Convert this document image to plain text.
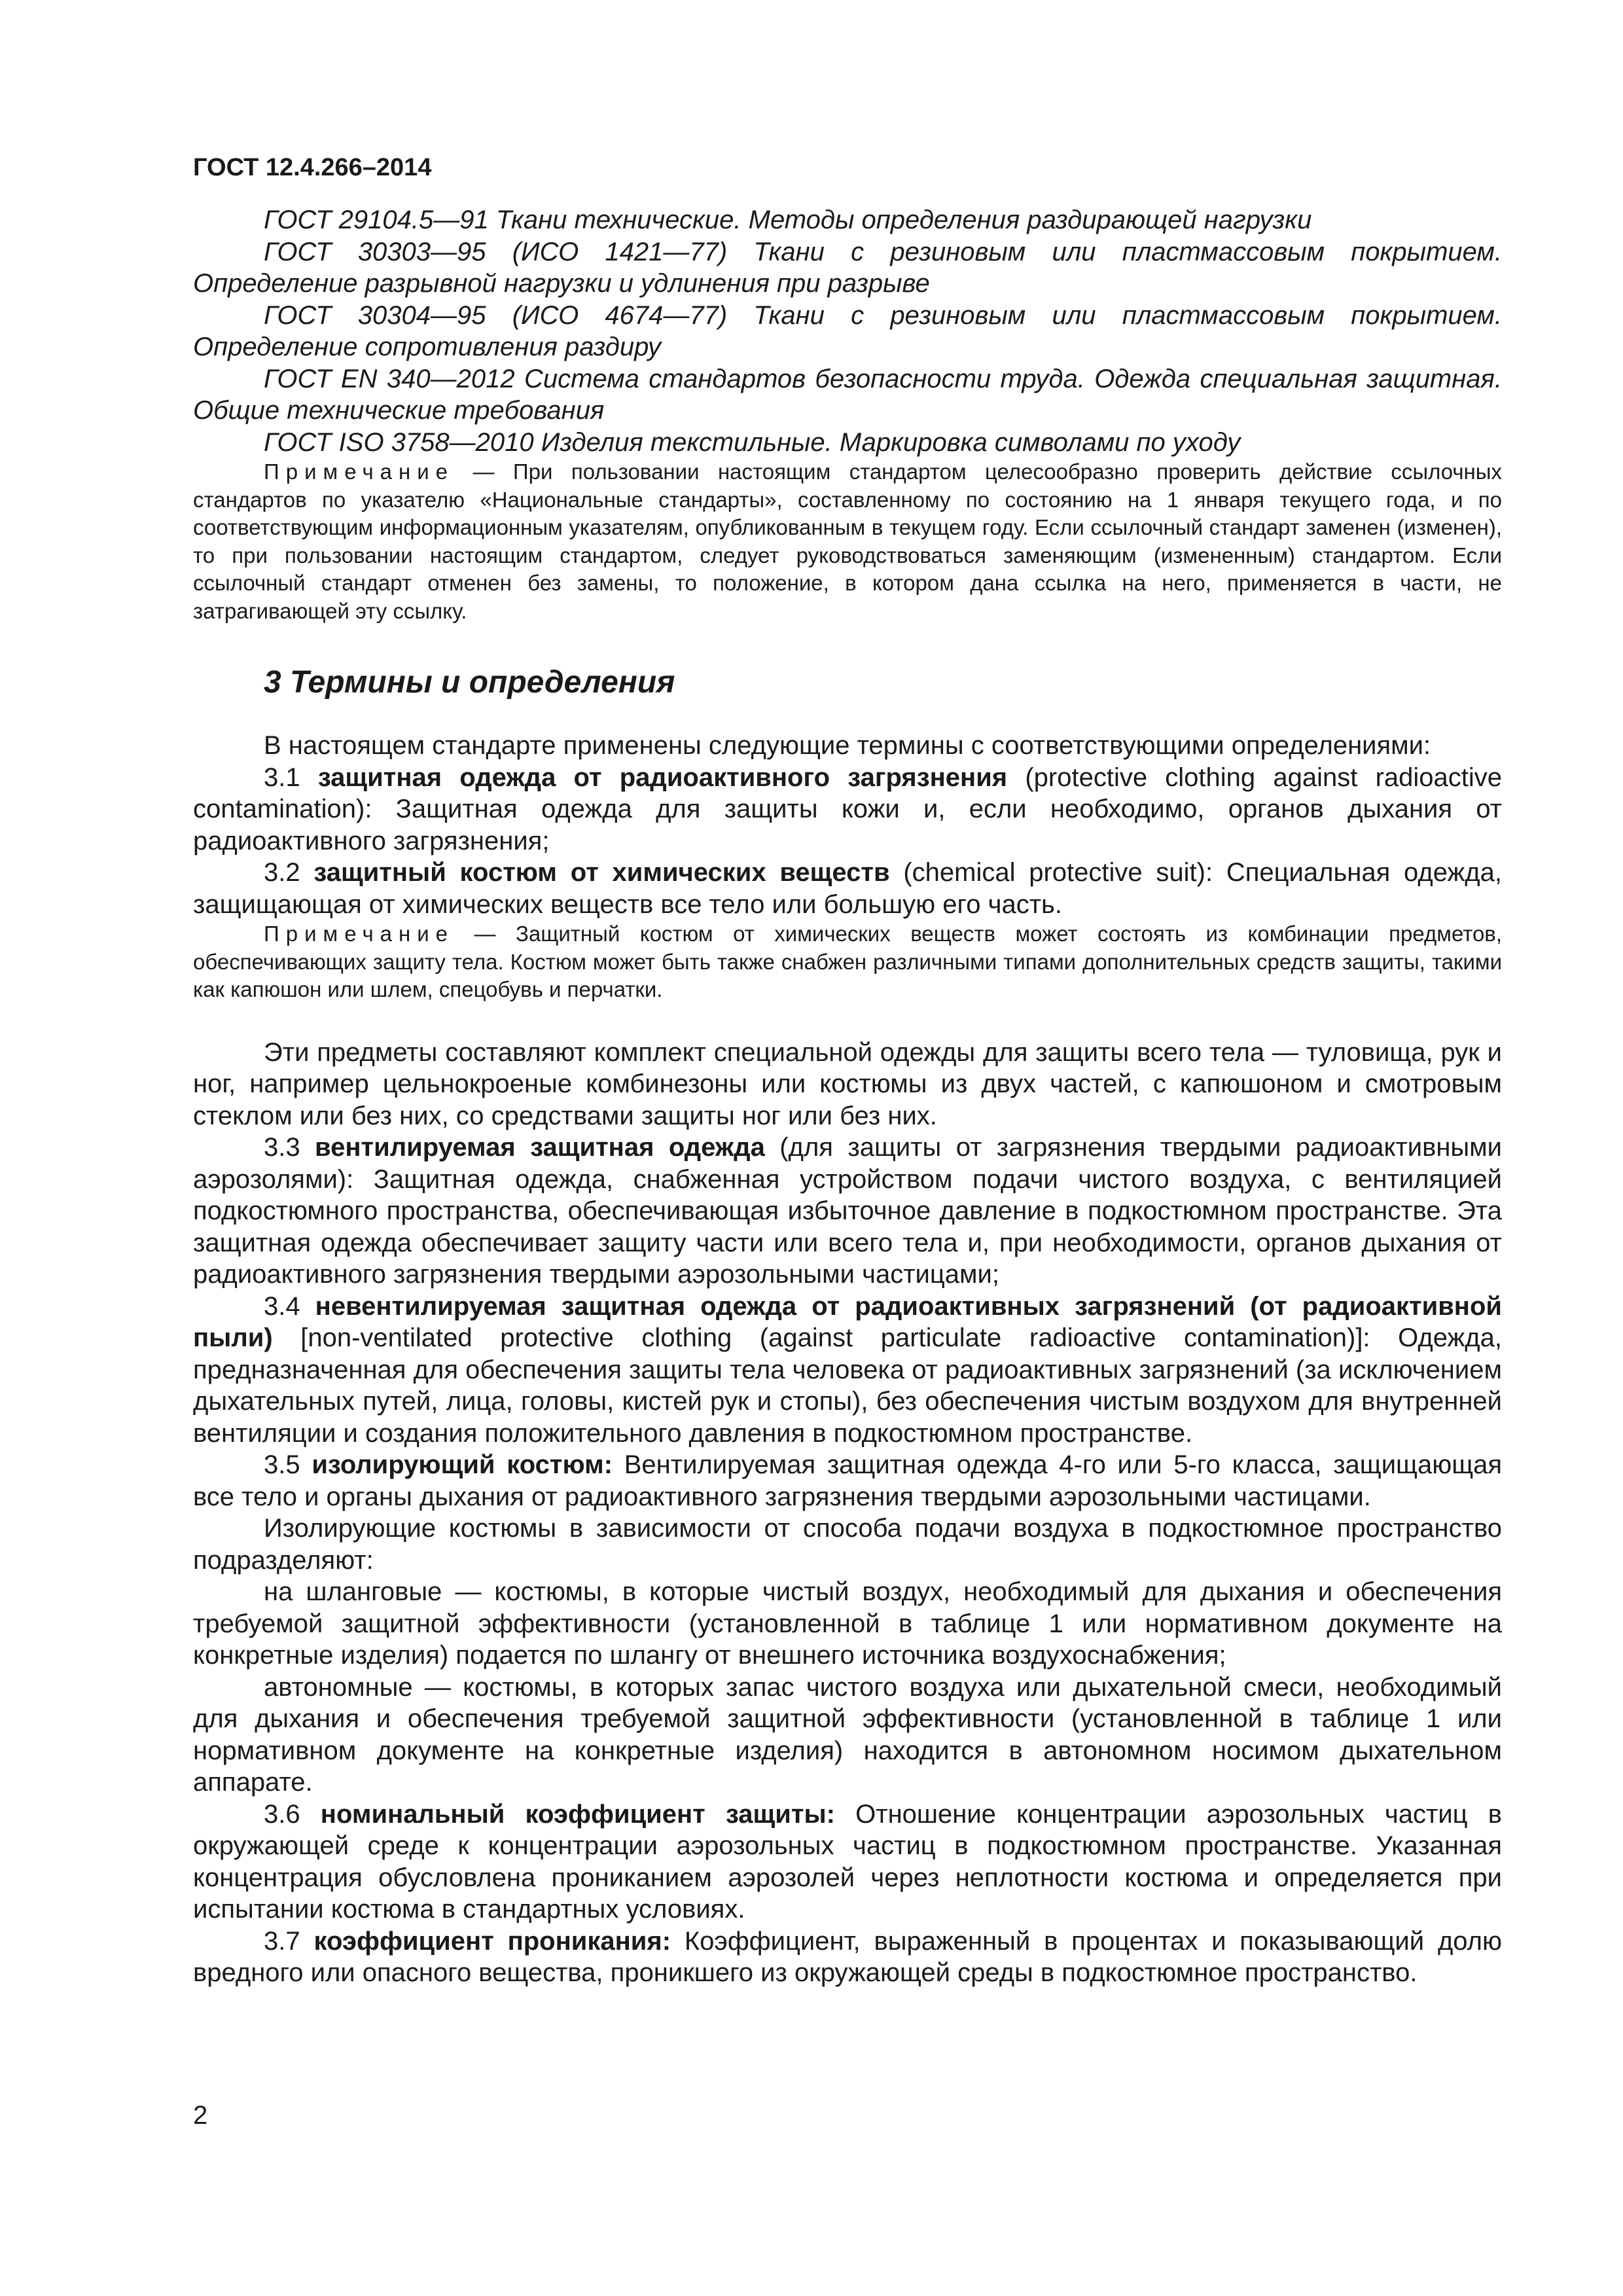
ГОСТ 12.4.266–2014

ГОСТ 29104.5—91 Ткани технические. Методы определения раздирающей нагрузки

ГОСТ 30303—95 (ИСО 1421—77) Ткани с резиновым или пластмассовым покрытием. Определение разрывной нагрузки и удлинения при разрыве

ГОСТ 30304—95 (ИСО 4674—77) Ткани с резиновым или пластмассовым покрытием. Определение сопротивления раздиру

ГОСТ EN 340—2012 Система стандартов безопасности труда. Одежда специальная защитная. Общие технические требования

ГОСТ ISO 3758—2010 Изделия текстильные. Маркировка символами по уходу

Примечание — При пользовании настоящим стандартом целесообразно проверить действие ссылочных стандартов по указателю «Национальные стандарты», составленному по состоянию на 1 января текущего года, и по соответствующим информационным указателям, опубликованным в текущем году. Если ссылочный стандарт заменен (изменен), то при пользовании настоящим стандартом, следует руководствоваться заменяющим (измененным) стандартом. Если ссылочный стандарт отменен без замены, то положение, в котором дана ссылка на него, применяется в части, не затрагивающей эту ссылку.

3 Термины и определения

В настоящем стандарте применены следующие термины с соответствующими определениями:

3.1 защитная одежда от радиоактивного загрязнения (protective clothing against radioactive contamination): Защитная одежда для защиты кожи и, если необходимо, органов дыхания от радиоактивного загрязнения;

3.2 защитный костюм от химических веществ (chemical protective suit): Специальная одежда, защищающая от химических веществ все тело или большую его часть.

Примечание — Защитный костюм от химических веществ может состоять из комбинации предметов, обеспечивающих защиту тела. Костюм может быть также снабжен различными типами дополнительных средств защиты, такими как капюшон или шлем, спецобувь и перчатки.

Эти предметы составляют комплект специальной одежды для защиты всего тела — туловища, рук и ног, например цельнокроеные комбинезоны или костюмы из двух частей, с капюшоном и смотровым стеклом или без них, со средствами защиты ног или без них.

3.3 вентилируемая защитная одежда (для защиты от загрязнения твердыми радиоактивными аэрозолями): Защитная одежда, снабженная устройством подачи чистого воздуха, с вентиляцией подкостюмного пространства, обеспечивающая избыточное давление в подкостюмном пространстве. Эта защитная одежда обеспечивает защиту части или всего тела и, при необходимости, органов дыхания от радиоактивного загрязнения твердыми аэрозольными частицами;

3.4 невентилируемая защитная одежда от радиоактивных загрязнений (от радиоактивной пыли) [non-ventilated protective clothing (against particulate radioactive contamination)]: Одежда, предназначенная для обеспечения защиты тела человека от радиоактивных загрязнений (за исключением дыхательных путей, лица, головы, кистей рук и стопы), без обеспечения чистым воздухом для внутренней вентиляции и создания положительного давления в подкостюмном пространстве.

3.5 изолирующий костюм: Вентилируемая защитная одежда 4-го или 5-го класса, защищающая все тело и органы дыхания от радиоактивного загрязнения твердыми аэрозольными частицами.

Изолирующие костюмы в зависимости от способа подачи воздуха в подкостюмное пространство подразделяют:

на шланговые — костюмы, в которые чистый воздух, необходимый для дыхания и обеспечения требуемой защитной эффективности (установленной в таблице 1 или нормативном документе на конкретные изделия) подается по шлангу от внешнего источника воздухоснабжения;

автономные — костюмы, в которых запас чистого воздуха или дыхательной смеси, необходимый для дыхания и обеспечения требуемой защитной эффективности (установленной в таблице 1 или нормативном документе на конкретные изделия) находится в автономном носимом дыхательном аппарате.

3.6 номинальный коэффициент защиты: Отношение концентрации аэрозольных частиц в окружающей среде к концентрации аэрозольных частиц в подкостюмном пространстве. Указанная концентрация обусловлена прониканием аэрозолей через неплотности костюма и определяется при испытании костюма в стандартных условиях.

3.7 коэффициент проникания: Коэффициент, выраженный в процентах и показывающий долю вредного или опасного вещества, проникшего из окружающей среды в подкостюмное пространство.

2
